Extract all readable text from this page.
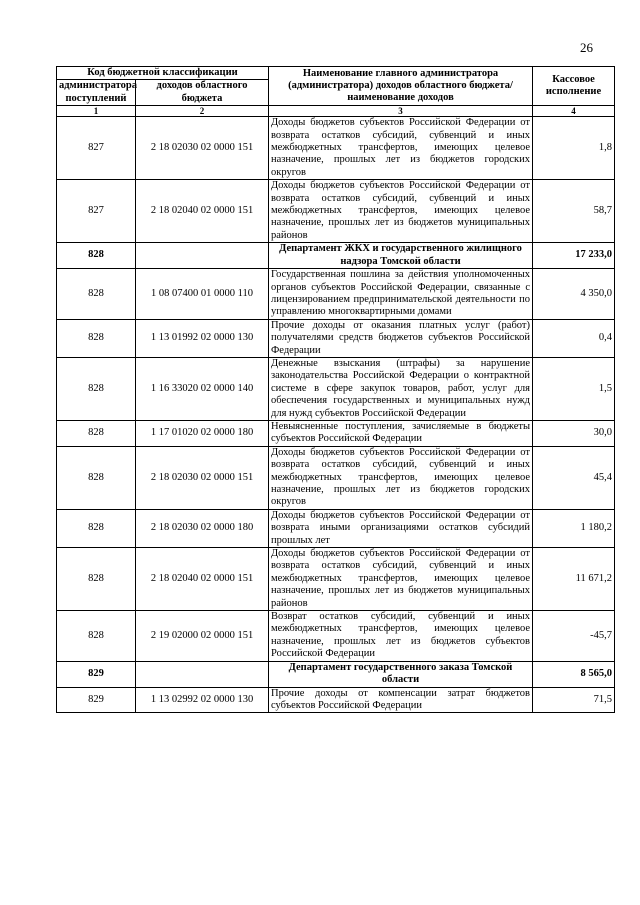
26
Код бюджетной классификации		Наименование главного администратора (администратора) доходов областного бюджета/ наименование доходов	Кассовое исполнение
администратора поступлений	доходов областного бюджета		
1	2	3	4
827	2 18 02030 02 0000 151	Доходы бюджетов субъектов Российской Федерации от возврата остатков субсидий, субвенций и иных межбюджетных трансфертов, имеющих целевое назначение, прошлых лет из бюджетов городских округов	1,8
827	2 18 02040 02 0000 151	Доходы бюджетов субъектов Российской Федерации от возврата остатков субсидий, субвенций и иных межбюджетных трансфертов, имеющих целевое назначение, прошлых лет из бюджетов муниципальных районов	58,7
828		Департамент ЖКХ и государственного жилищного надзора Томской области	17 233,0
828	1 08 07400 01 0000 110	Государственная пошлина за действия уполномоченных органов субъектов Российской Федерации, связанные с лицензированием предпринимательской деятельности по управлению многоквартирными домами	4 350,0
828	1 13 01992 02 0000 130	Прочие доходы от оказания платных услуг (работ) получателями средств бюджетов субъектов Российской Федерации	0,4
828	1 16 33020 02 0000 140	Денежные взыскания (штрафы) за нарушение законодательства Российской Федерации о контрактной системе в сфере закупок товаров, работ, услуг для обеспечения государственных и муниципальных нужд для нужд субъектов Российской Федерации	1,5
828	1 17 01020 02 0000 180	Невыясненные поступления, зачисляемые в бюджеты субъектов Российской Федерации	30,0
828	2 18 02030 02 0000 151	Доходы бюджетов субъектов Российской Федерации от возврата остатков субсидий, субвенций и иных межбюджетных трансфертов, имеющих целевое назначение, прошлых лет из бюджетов городских округов	45,4
828	2 18 02030 02 0000 180	Доходы бюджетов субъектов Российской Федерации от возврата иными организациями остатков субсидий прошлых лет	1 180,2
828	2 18 02040 02 0000 151	Доходы бюджетов субъектов Российской Федерации от возврата остатков субсидий, субвенций и иных межбюджетных трансфертов, имеющих целевое назначение, прошлых лет из бюджетов муниципальных районов	11 671,2
828	2 19 02000 02 0000 151	Возврат остатков субсидий, субвенций и иных межбюджетных трансфертов, имеющих целевое назначение, прошлых лет из бюджетов субъектов Российской Федерации	-45,7
829		Департамент государственного заказа Томской области	8 565,0
829	1 13 02992 02 0000 130	Прочие доходы от компенсации затрат бюджетов субъектов Российской Федерации	71,5
